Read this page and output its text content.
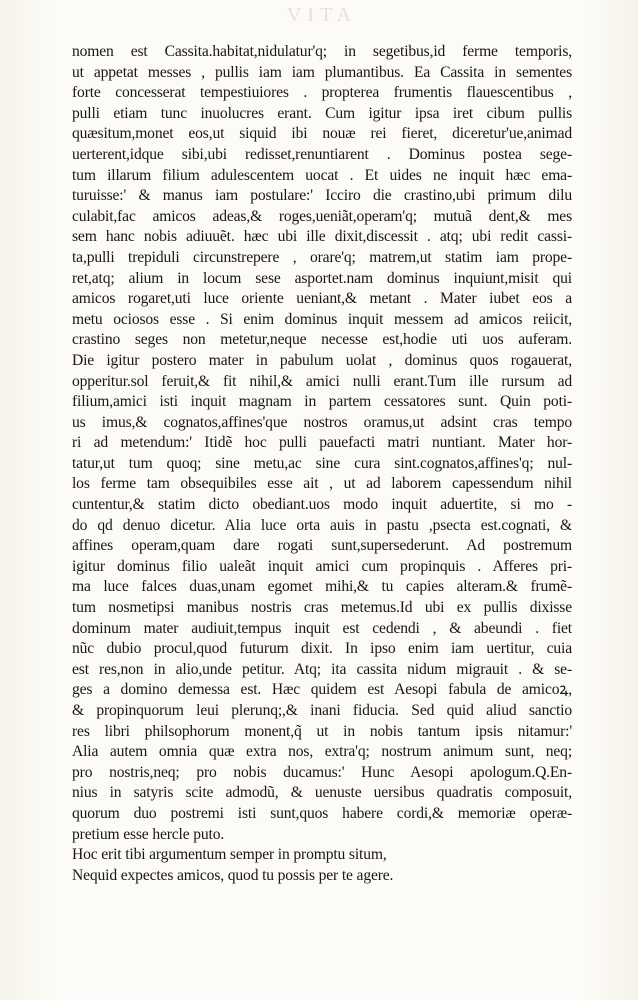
VITA
nomen est Cassita.habitat,nidulatur'q; in segetibus,id ferme temporis,
ut appetat messes , pullis iam iam plumantibus. Ea Cassita in sementes
forte concesserat tempestiuiores . propterea frumentis flauescentibus ,
pulli etiam tunc inuolucres erant. Cum igitur ipsa iret cibum pullis
quæsitum,monet eos,ut siquid ibi nouæ rei fieret, diceretur'ue,animad
uerterent,idque sibi,ubi redisset,renuntiarent . Dominus postea sege-
tum illarum filium adulescentem uocat . Et uides ne inquit hæc ema-
turuisse:' & manus iam postulare:' Icciro die crastino,ubi primum dilu
culabit,fac amicos adeas,& roges,ueniãt,operam'q; mutuã dent,& mes
sem hanc nobis adiuuẽt. hæc ubi ille dixit,discessit . atq; ubi redit cassi-
ta,pulli trepiduli circunstrepere , orare'q; matrem,ut statim iam prope-
ret,atq; alium in locum sese asportet.nam dominus inquiunt,misit qui
amicos rogaret,uti luce oriente ueniant,& metant . Mater iubet eos a
metu ociosos esse . Si enim dominus inquit messem ad amicos reiicit,
crastino seges non metetur,neque necesse est,hodie uti uos auferam.
Die igitur postero mater in pabulum uolat , dominus quos rogauerat,
opperitur.sol feruit,& fit nihil,& amici nulli erant.Tum ille rursum ad
filium,amici isti inquit magnam in partem cessatores sunt. Quin poti-
us imus,& cognatos,affines'que nostros oramus,ut adsint cras tempo
ri ad metendum:' Itidẽ hoc pulli pauefacti matri nuntiant. Mater hor-
tatur,ut tum quoq; sine metu,ac sine cura sint.cognatos,affines'q; nul-
los ferme tam obsequibiles esse ait , ut ad laborem capessendum nihil
cuntentur,& statim dicto obediant.uos modo inquit aduertite, si mo -
do qd denuo dicetur. Alia luce orta auis in pastu ,psecta est.cognati, &
affines operam,quam dare rogati sunt,supersederunt. Ad postremum
igitur dominus filio ualeãt inquit amici cum propinquis . Afferes pri-
ma luce falces duas,unam egomet mihi,& tu capies alteram.& frumẽ-
tum nosmetipsi manibus nostris cras metemus.Id ubi ex pullis dixisse
dominum mater audiuit,tempus inquit est cedendi , & abeundi . fiet
nũc dubio procul,quod futurum dixit. In ipso enim iam uertitur, cuia
est res,non in alio,unde petitur. Atq; ita cassita nidum migrauit . & se-
ges a domino demessa est. Hæc quidem est Aesopi fabula de amicoꝝ,
& propinquorum leui plerunq;,& inani fiducia. Sed quid aliud sanctio
res libri philsophorum monent,q̃ ut in nobis tantum ipsis nitamur:'
Alia autem omnia quæ extra nos, extra'q; nostrum animum sunt, neq;
pro nostris,neq; pro nobis ducamus:' Hunc Aesopi apologum.Q.En-
nius in satyris scite admodũ, & uenuste uersibus quadratis composuit,
quorum duo postremi isti sunt,quos habere cordi,& memoriæ operæ-
pretium esse hercle puto.
Hoc erit tibi argumentum semper in promptu situm,
Nequid expectes amicos, quod tu possis per te agere.
